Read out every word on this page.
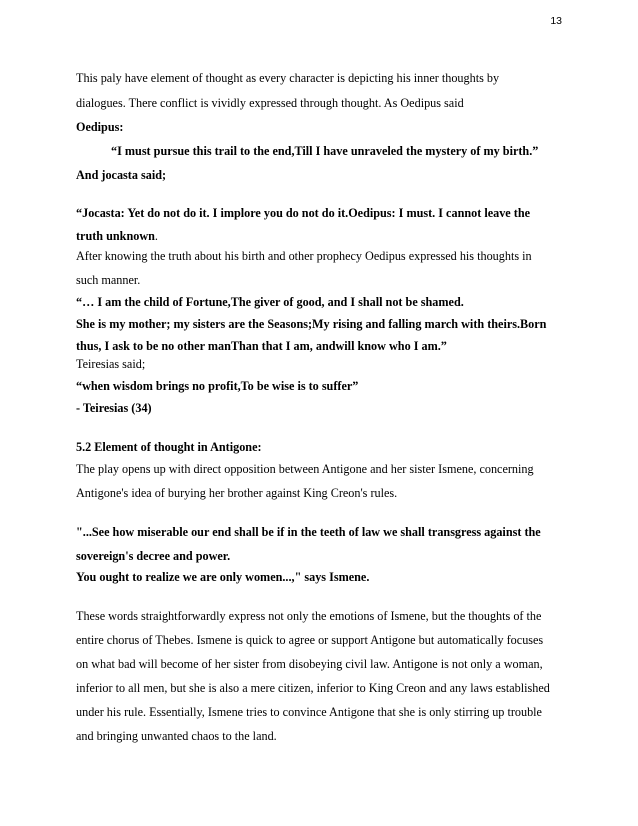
13
This paly have element of thought as every character is depicting his inner thoughts by
dialogues. There conflict is vividly expressed through thought. As Oedipus said
Oedipus:
“I must pursue this trail to the end,Till I have unraveled the mystery of my birth.”
And jocasta said;
“Jocasta: Yet do not do it. I implore you do not do it.Oedipus: I must. I cannot leave the
truth unknown.
After knowing the truth about his birth and other prophecy Oedipus expressed his thoughts in
such manner.
“… I am the child of Fortune,The giver of good, and I shall not be shamed.
She is my mother; my sisters are the Seasons;My rising and falling march with theirs.Born
thus, I ask to be no other manThan that I am, andwill know who I am.”
Teiresias said;
“when wisdom brings no profit,To be wise is to suffer”
- Teiresias (34)
5.2 Element of thought in Antigone:
The play opens up with direct opposition between Antigone and her sister Ismene, concerning
Antigone's idea of burying her brother against King Creon's rules.
"...See how miserable our end shall be if in the teeth of law we shall transgress against the
sovereign's decree and power.
You ought to realize we are only women...," says Ismene.
These words straightforwardly express not only the emotions of Ismene, but the thoughts of the
entire chorus of Thebes. Ismene is quick to agree or support Antigone but automatically focuses
on what bad will become of her sister from disobeying civil law. Antigone is not only a woman,
inferior to all men, but she is also a mere citizen, inferior to King Creon and any laws established
under his rule. Essentially, Ismene tries to convince Antigone that she is only stirring up trouble
and bringing unwanted chaos to the land.
